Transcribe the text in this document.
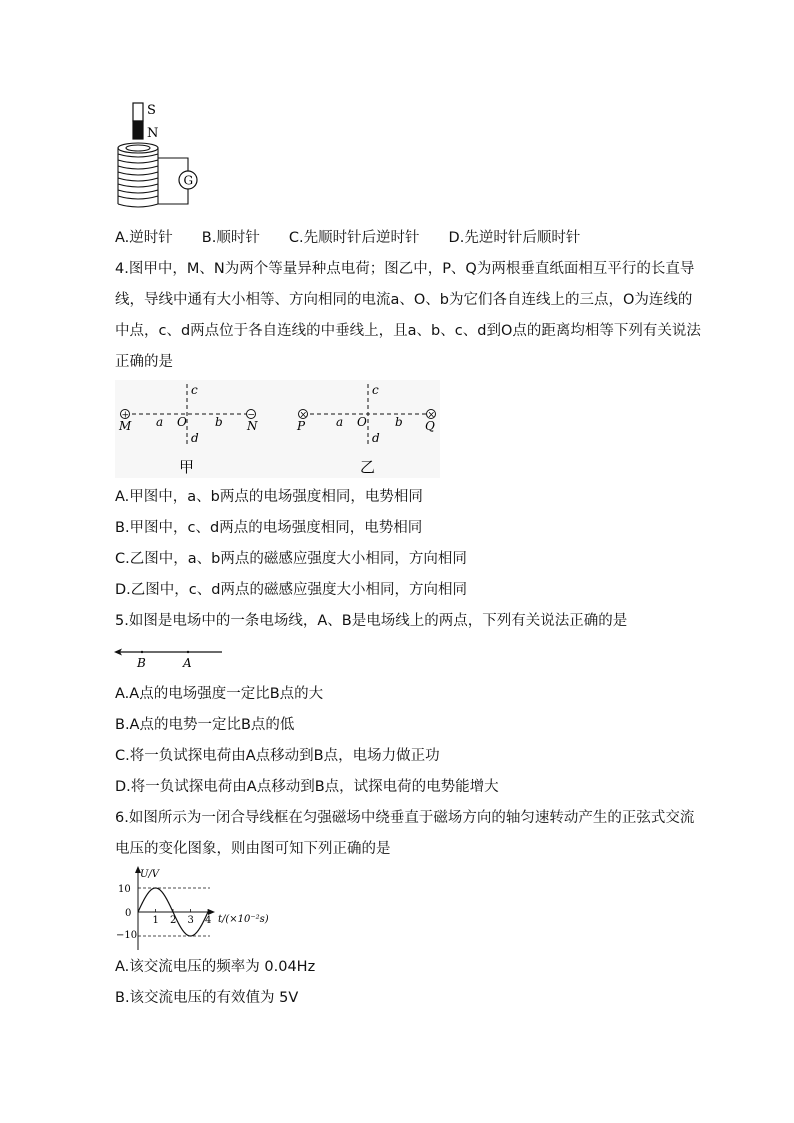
S
N
G
A.逆时针　　B.顺时针　　C.先顺时针后逆时针　　D.先逆时针后顺时针
4.图甲中，M、N为两个等量异种点电荷；图乙中，P、Q为两根垂直纸面相互平行的长直导
线，导线中通有大小相等、方向相同的电流a、O、b为它们各自连线上的三点，O为连线的
中点，c、d两点位于各自连线的中垂线上，且a、b、c、d到O点的距离均相等下列有关说法
正确的是
+	−
M a O b N
c
d
甲
×	×
P	a O b Q
c
d
乙
A.甲图中，a、b两点的电场强度相同，电势相同
B.甲图中，c、d两点的电场强度相同，电势相同
C.乙图中，a、b两点的磁感应强度大小相同，方向相同
D.乙图中，c、d两点的磁感应强度大小相同，方向相同
5.如图是电场中的一条电场线，A、B是电场线上的两点，下列有关说法正确的是
B	A
A.A点的电场强度一定比B点的大
B.A点的电势一定比B点的低
C.将一负试探电荷由A点移动到B点，电场力做正功
D.将一负试探电荷由A点移动到B点，试探电荷的电势能增大
6.如图所示为一闭合导线框在匀强磁场中绕垂直于磁场方向的轴匀速转动产生的正弦式交流
电压的变化图象，则由图可知下列正确的是
U/V
t/(×10⁻²s)
10
0
−10
1 2 3 4
A.该交流电压的频率为 0.04Hz
B.该交流电压的有效值为 5V
